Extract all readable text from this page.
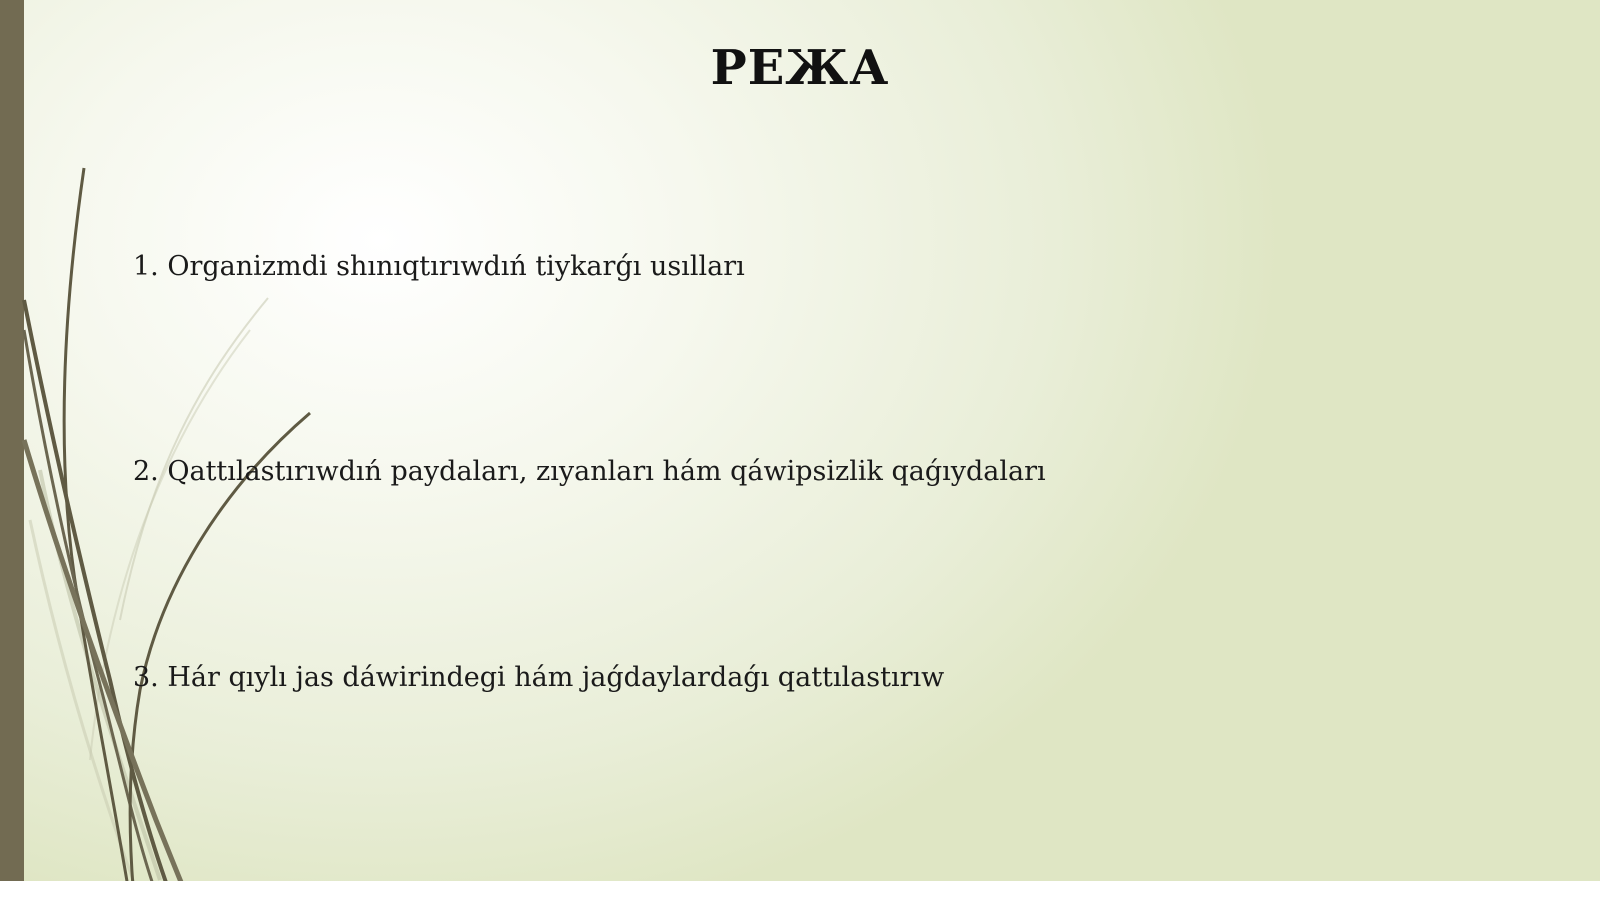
РЕЖА
1. Organizmdi shınıqtırıwdıń tiykarǵı usılları
2. Qattılastırıwdıń paydaları, zıyanları hám qáwipsizlik qaǵıydaları
3. Hár qıylı jas dáwirindegi hám jaǵdaylardaǵı qattılastırıw
